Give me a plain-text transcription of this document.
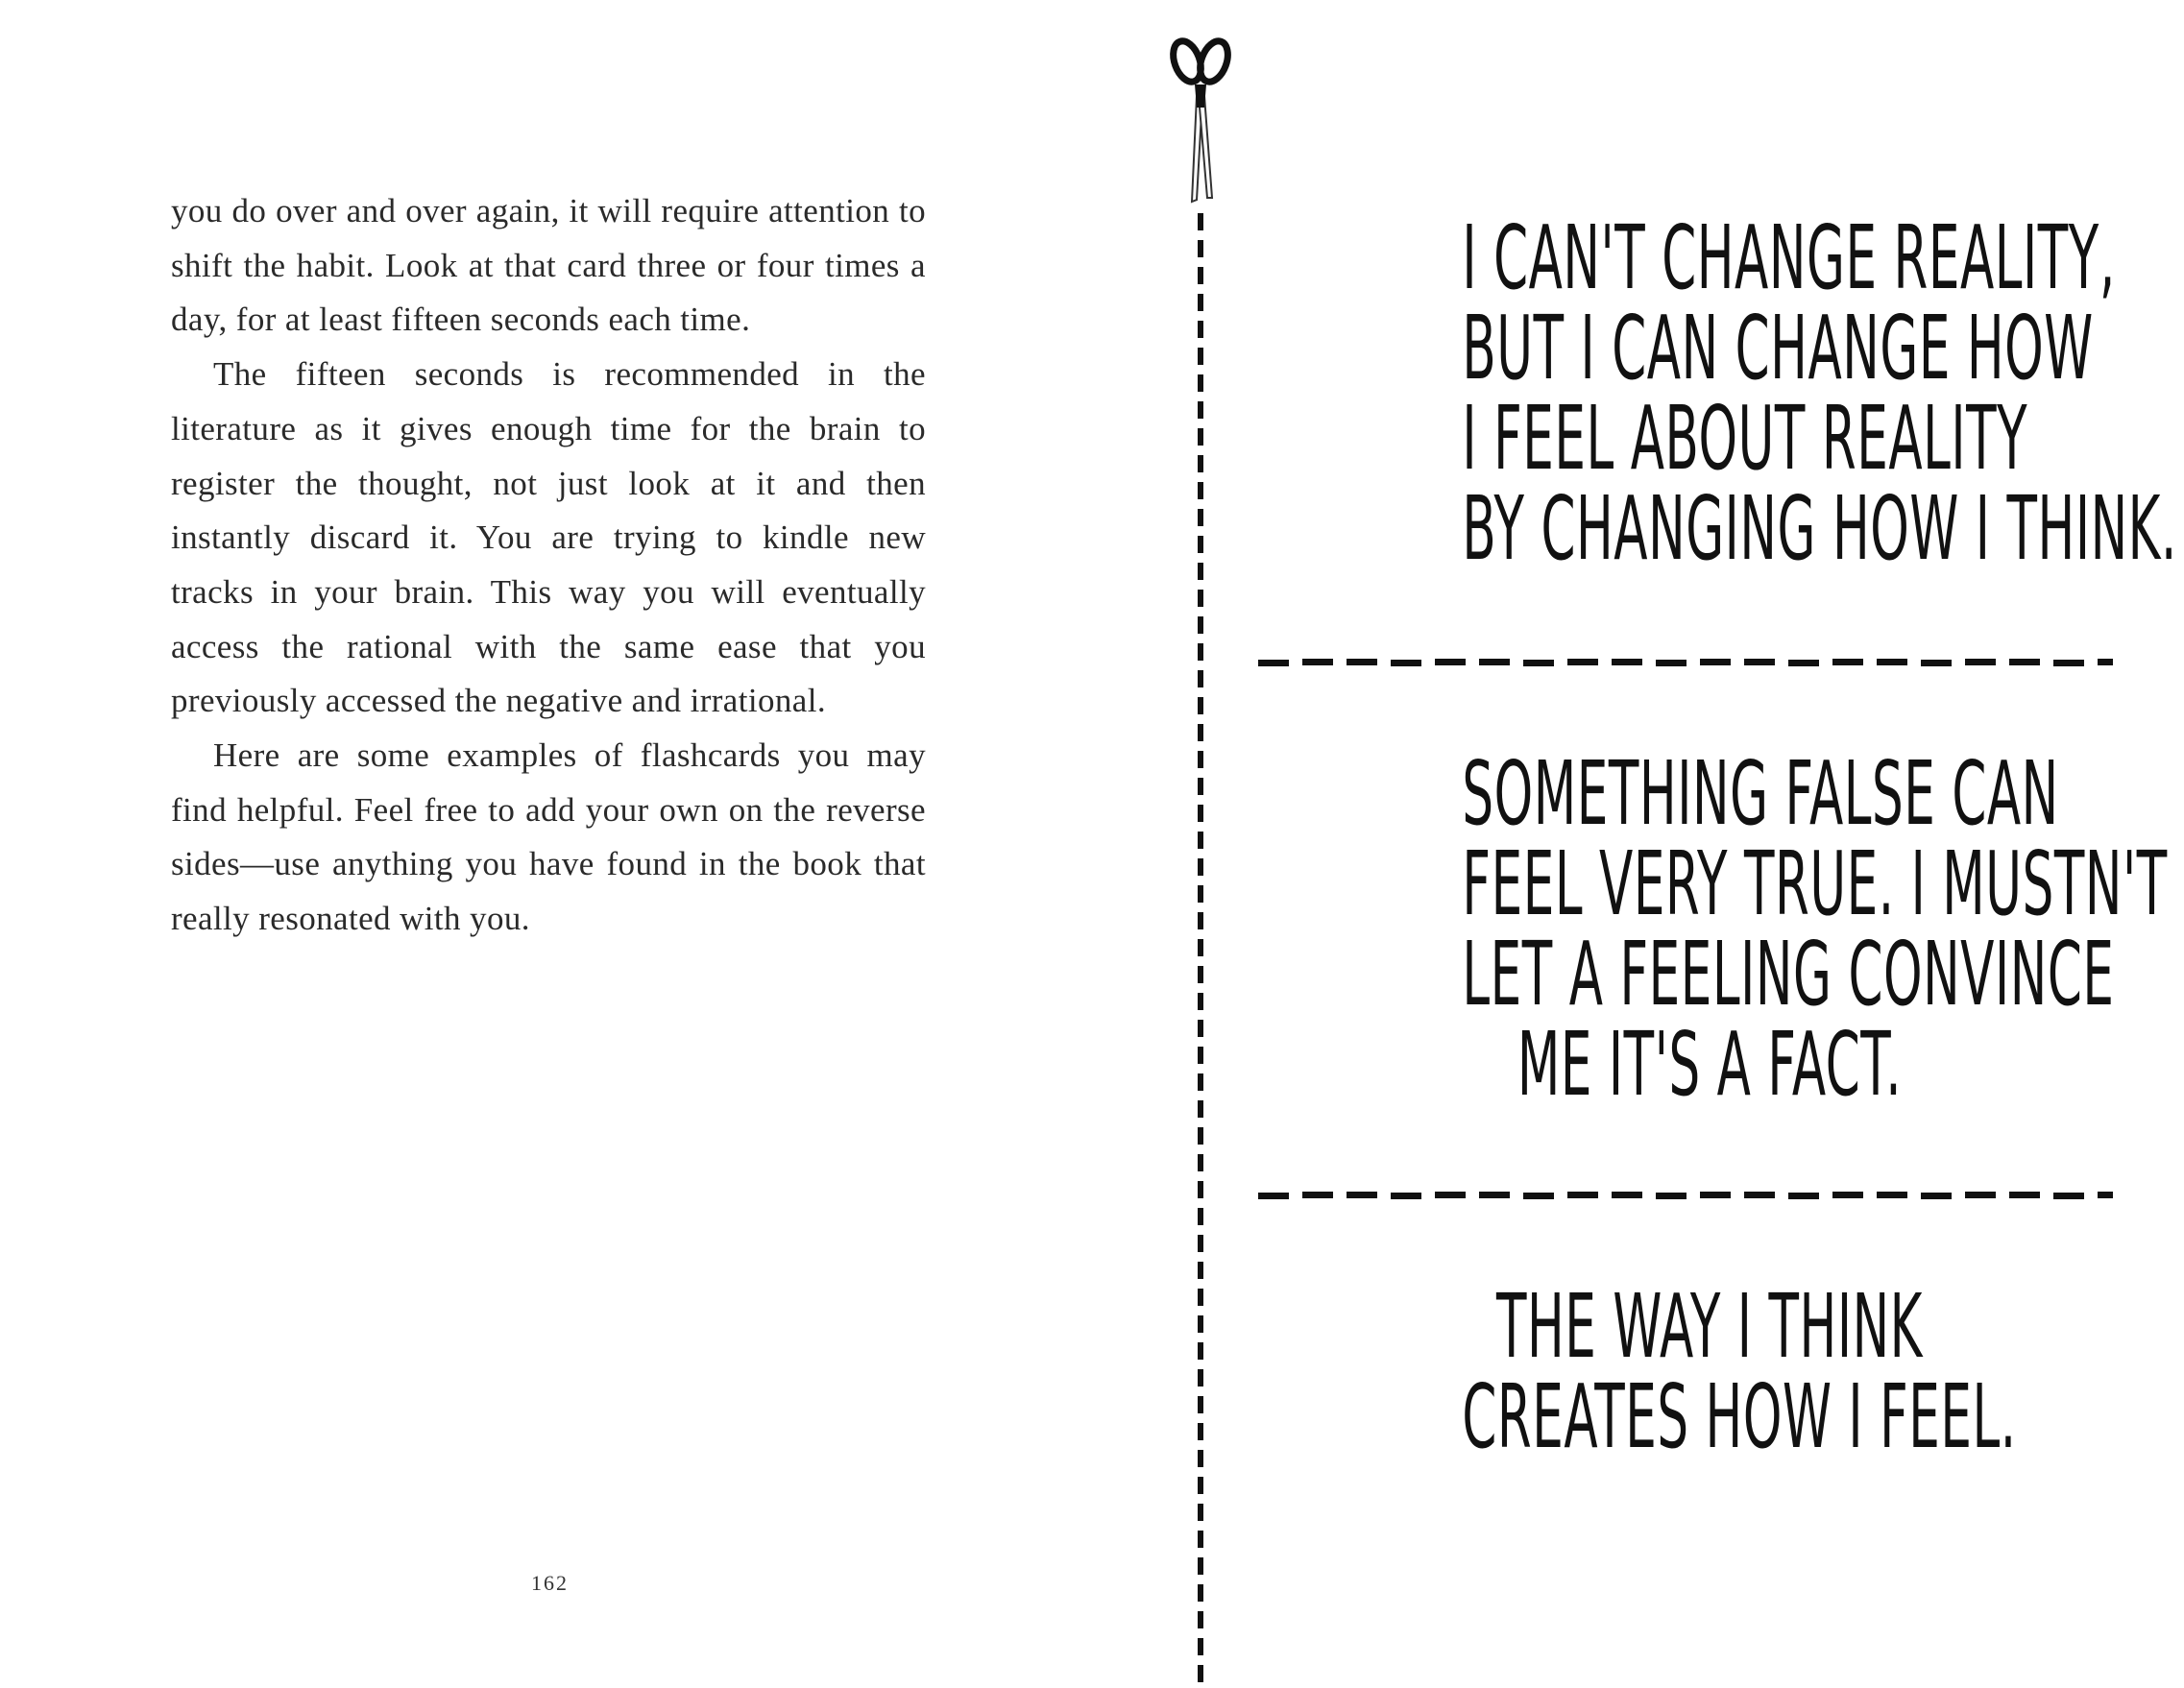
you do over and over again, it will require attention to shift the habit. Look at that card three or four times a day, for at least fifteen seconds each time.

The fifteen seconds is recommended in the literature as it gives enough time for the brain to register the thought, not just look at it and then instantly discard it. You are trying to kindle new tracks in your brain. This way you will eventually access the rational with the same ease that you previously accessed the negative and irrational.

Here are some examples of flashcards you may find helpful. Feel free to add your own on the reverse sides—use anything you have found in the book that really resonated with you.

162
I CAN'T CHANGE REALITY,
BUT I CAN CHANGE HOW
I FEEL ABOUT REALITY
BY CHANGING HOW I THINK.
SOMETHING FALSE CAN
FEEL VERY TRUE. I MUSTN'T
LET A FEELING CONVINCE
ME IT'S A FACT.
THE WAY I THINK
CREATES HOW I FEEL.
